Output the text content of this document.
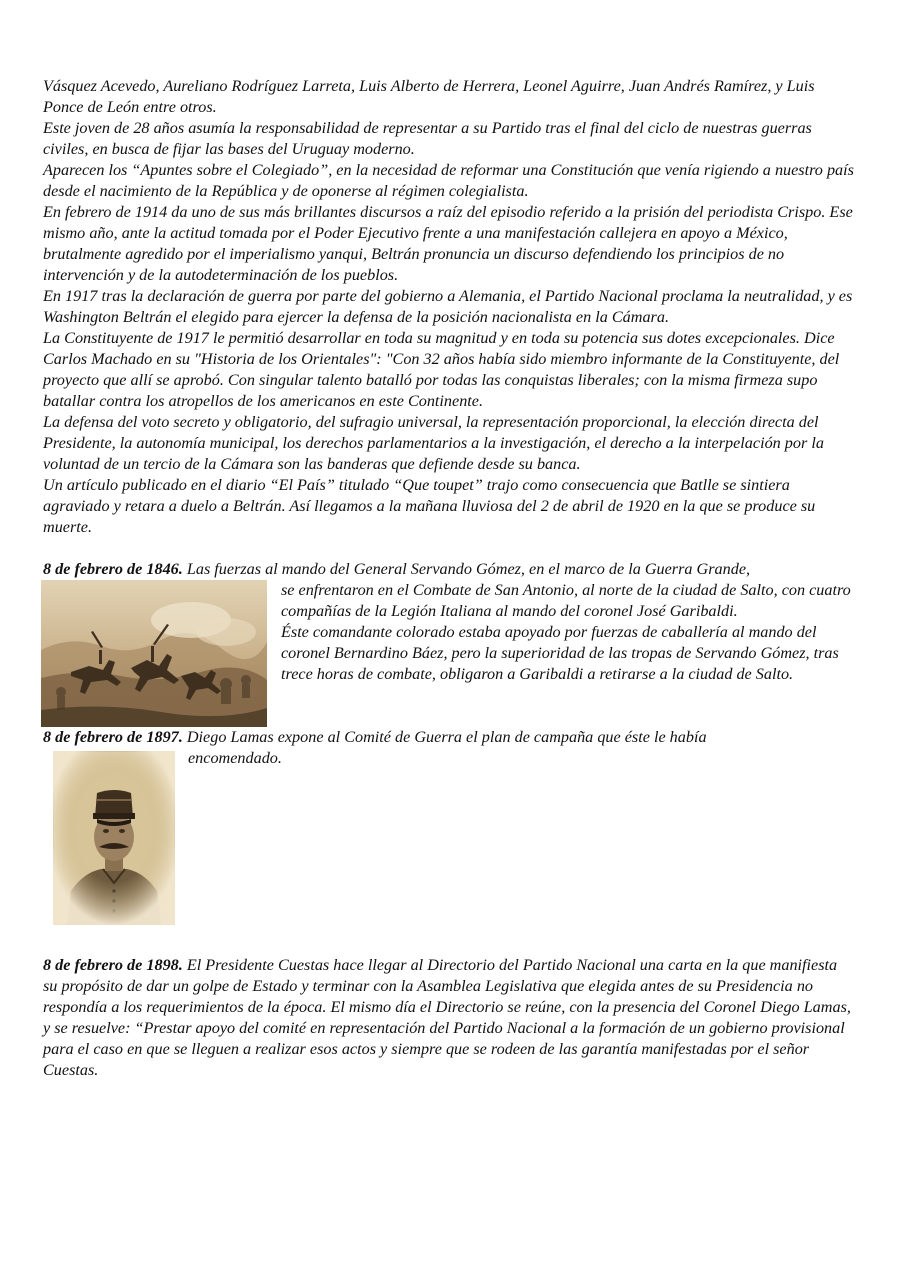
Vásquez Acevedo, Aureliano Rodríguez Larreta, Luis Alberto de Herrera, Leonel Aguirre, Juan Andrés Ramírez, y Luis Ponce de León entre otros.

Este joven de 28 años asumía la responsabilidad de representar a su Partido tras el final del ciclo de nuestras guerras civiles, en busca de fijar las bases del Uruguay moderno.

Aparecen los “Apuntes sobre el Colegiado”, en la necesidad de reformar una Constitución que venía rigiendo a nuestro país desde el nacimiento de la República y de oponerse al régimen colegialista.

En febrero de 1914 da uno de sus más brillantes discursos a raíz del episodio referido a la prisión del periodista Crispo. Ese mismo año, ante la actitud tomada por el Poder Ejecutivo frente a una manifestación callejera en apoyo a México, brutalmente agredido por el imperialismo yanqui, Beltrán pronuncia un discurso defendiendo los principios de no intervención y de la autodeterminación de los pueblos.

En 1917 tras la declaración de guerra por parte del gobierno a Alemania, el Partido Nacional proclama la neutralidad, y es Washington Beltrán el elegido para ejercer la defensa de la posición nacionalista en la Cámara.

La Constituyente de 1917 le permitió desarrollar en toda su magnitud y en toda su potencia sus dotes excepcionales. Dice Carlos Machado en su "Historia de los Orientales": "Con 32 años había sido miembro informante de la Constituyente, del proyecto que allí se aprobó. Con singular talento batalló por todas las conquistas liberales; con la misma firmeza supo batallar contra los atropellos de los americanos en este Continente.

La defensa del voto secreto y obligatorio, del sufragio universal, la representación proporcional, la elección directa del Presidente, la autonomía municipal, los derechos parlamentarios a la investigación, el derecho a la interpelación por la voluntad de un tercio de la Cámara son las banderas que defiende desde su banca.

Un artículo publicado en el diario “El País” titulado “Que toupet” trajo como consecuencia que Batlle se sintiera agraviado y retara a duelo a Beltrán. Así llegamos a la mañana lluviosa del 2 de abril de 1920 en la que se produce su muerte.

8 de febrero de 1846. Las fuerzas al mando del General Servando Gómez, en el marco de la Guerra Grande,

se enfrentaron en el Combate de San Antonio, al norte de la ciudad de Salto, con cuatro compañías de la Legión Italiana al mando del coronel José Garibaldi.

Éste comandante colorado estaba apoyado por fuerzas de caballería al mando del coronel Bernardino Báez, pero la superioridad de las tropas de Servando Gómez, tras trece horas de combate, obligaron a Garibaldi a retirarse a la ciudad de Salto.

8 de febrero de 1897. Diego Lamas expone al Comité de Guerra el plan de campaña que éste le había

encomendado.

8 de febrero de 1898. El Presidente Cuestas hace llegar al Directorio del Partido Nacional una carta en la que manifiesta su propósito de dar un golpe de Estado y terminar con la Asamblea Legislativa que elegida antes de su Presidencia no respondía a los requerimientos de la época. El mismo día el Directorio se reúne, con la presencia del Coronel Diego Lamas, y se resuelve: “Prestar apoyo del comité en representación del Partido Nacional a la formación de un gobierno provisional para el caso en que se lleguen a realizar esos actos y siempre que se rodeen de las garantía manifestadas por el señor Cuestas.
